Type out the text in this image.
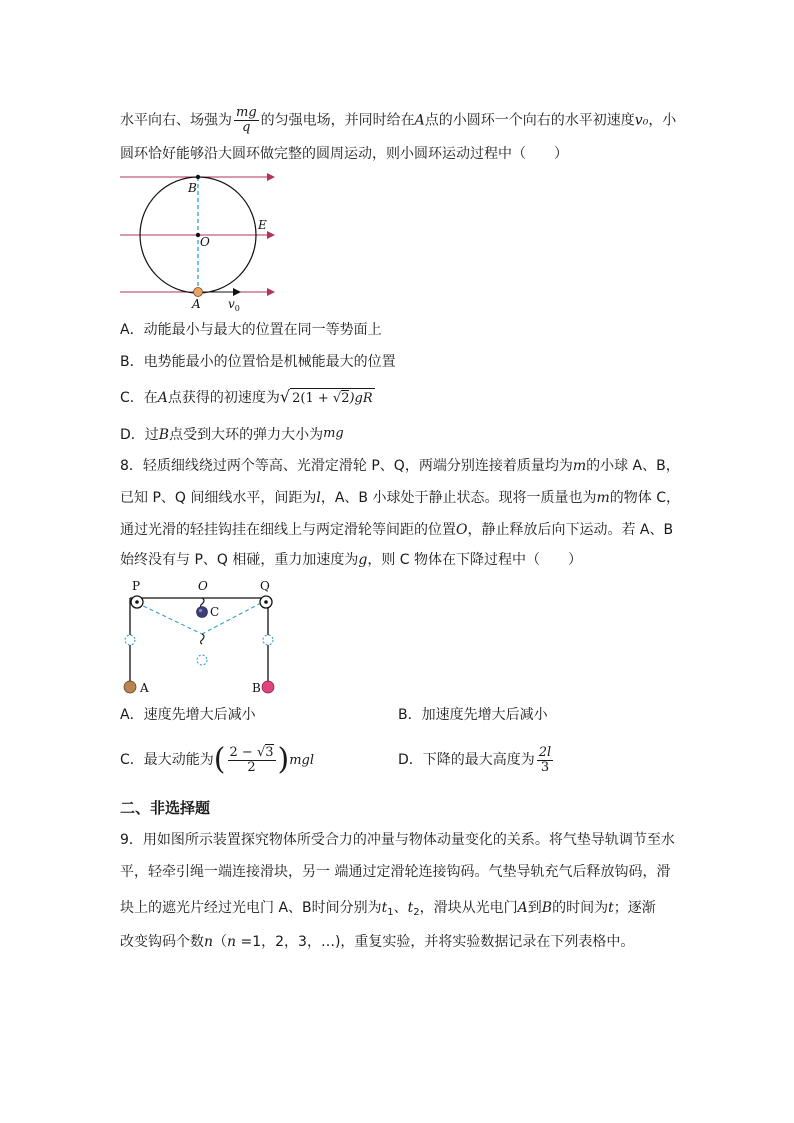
水平向右、场强为 $\frac{mg}{q}$ 的匀强电场，并同时给在A点的小圆环一个向右的水平初速度v₀，小
圆环恰好能够沿大圆环做完整的圆周运动，则小圆环运动过程中（　　）
B
O
E
A $v_0$
A．动能最小与最大的位置在同一等势面上
B．电势能最小的位置恰是机械能最大的位置
C．在A点获得的初速度为√ 2(1 + √2)gR
D．过B点受到大环的弹力大小为mg
8．轻质细线绕过两个等高、光滑定滑轮 P、Q，两端分别连接着质量均为m的小球 A、B，
已知 P、Q 间细线水平，间距为l，A、B 小球处于静止状态。现将一质量也为m的物体 C，
通过光滑的轻挂钩挂在细线上与两定滑轮等间距的位置O，静止释放后向下运动。若 A、B
始终没有与 P、Q 相碰，重力加速度为g，则 C 物体在下降过程中（　　）
P	O	Q
C
A	B
A．速度先增大后减小	B．加速度先增大后减小
C．最大动能为( $\frac{2 - √3}{2} )mgl$	D．下降的最大高度为 $\frac{2l}{3}$
二、非选择题
9．用如图所示装置探究物体所受合力的冲量与物体动量变化的关系。将气垫导轨调节至水
平，轻牵引绳一端连接滑块，另一 端通过定滑轮连接钩码。气垫导轨充气后释放钩码，滑
块上的遮光片经过光电门 A、B时间分别为$t_1$、$t_2$，滑块从光电门A到B的时间为t；逐渐
改变钩码个数n（n =1，2，3，…)，重复实验，并将实验数据记录在下列表格中。
